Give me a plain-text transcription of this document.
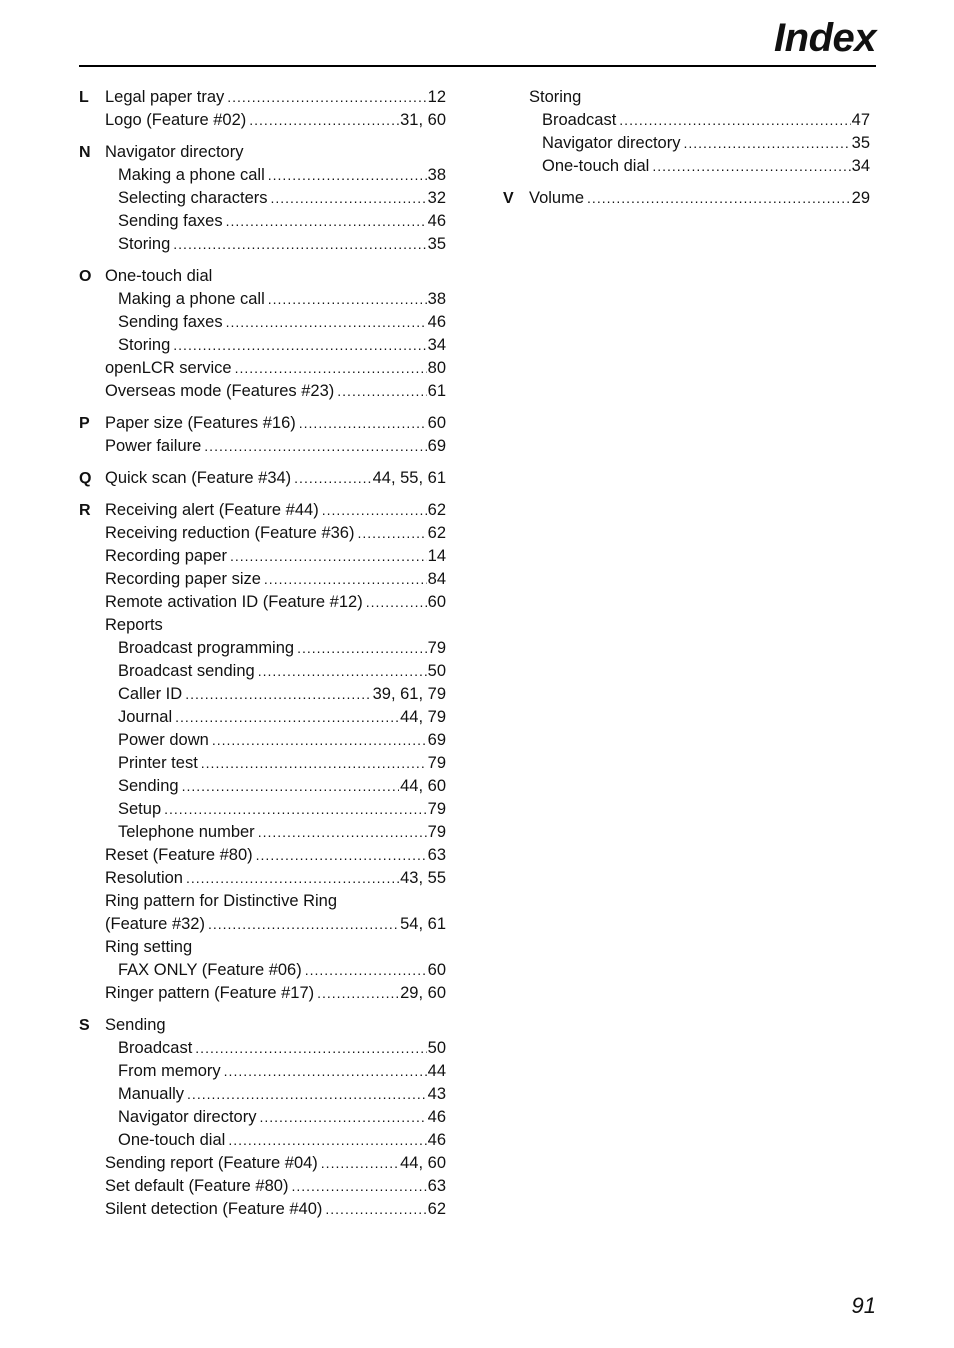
Index
L Legal paper tray .....	12
Logo (Feature #02) .....	31, 60
N Navigator directory
Making a phone call .....	38
Selecting characters .....	32
Sending faxes .....	46
Storing .....	35
O One-touch dial
Making a phone call .....	38
Sending faxes .....	46
Storing .....	34
openLCR service .....	80
Overseas mode (Features #23) .....	61
P Paper size (Features #16) .....	60
Power failure .....	69
Q Quick scan (Feature #34) .....	44, 55, 61
R Receiving alert (Feature #44) .....	62
Receiving reduction (Feature #36) .....	62
Recording paper .....	14
Recording paper size .....	84
Remote activation ID (Feature #12) .....	60
Reports
Broadcast programming .....	79
Broadcast sending .....	50
Caller ID .....	39, 61, 79
Journal .....	44, 79
Power down .....	69
Printer test .....	79
Sending .....	44, 60
Setup .....	79
Telephone number .....	79
Reset (Feature #80) .....	63
Resolution .....	43, 55
Ring pattern for Distinctive Ring
(Feature #32) .....	54, 61
Ring setting
FAX ONLY (Feature #06) .....	60
Ringer pattern (Feature #17) .....	29, 60
S Sending
Broadcast .....	50
From memory .....	44
Manually .....	43
Navigator directory .....	46
One-touch dial .....	46
Sending report (Feature #04) .....	44, 60
Set default (Feature #80) .....	63
Silent detection (Feature #40) .....	62
Storing
Broadcast .....	47
Navigator directory .....	35
One-touch dial .....	34
V Volume .....	29

91
